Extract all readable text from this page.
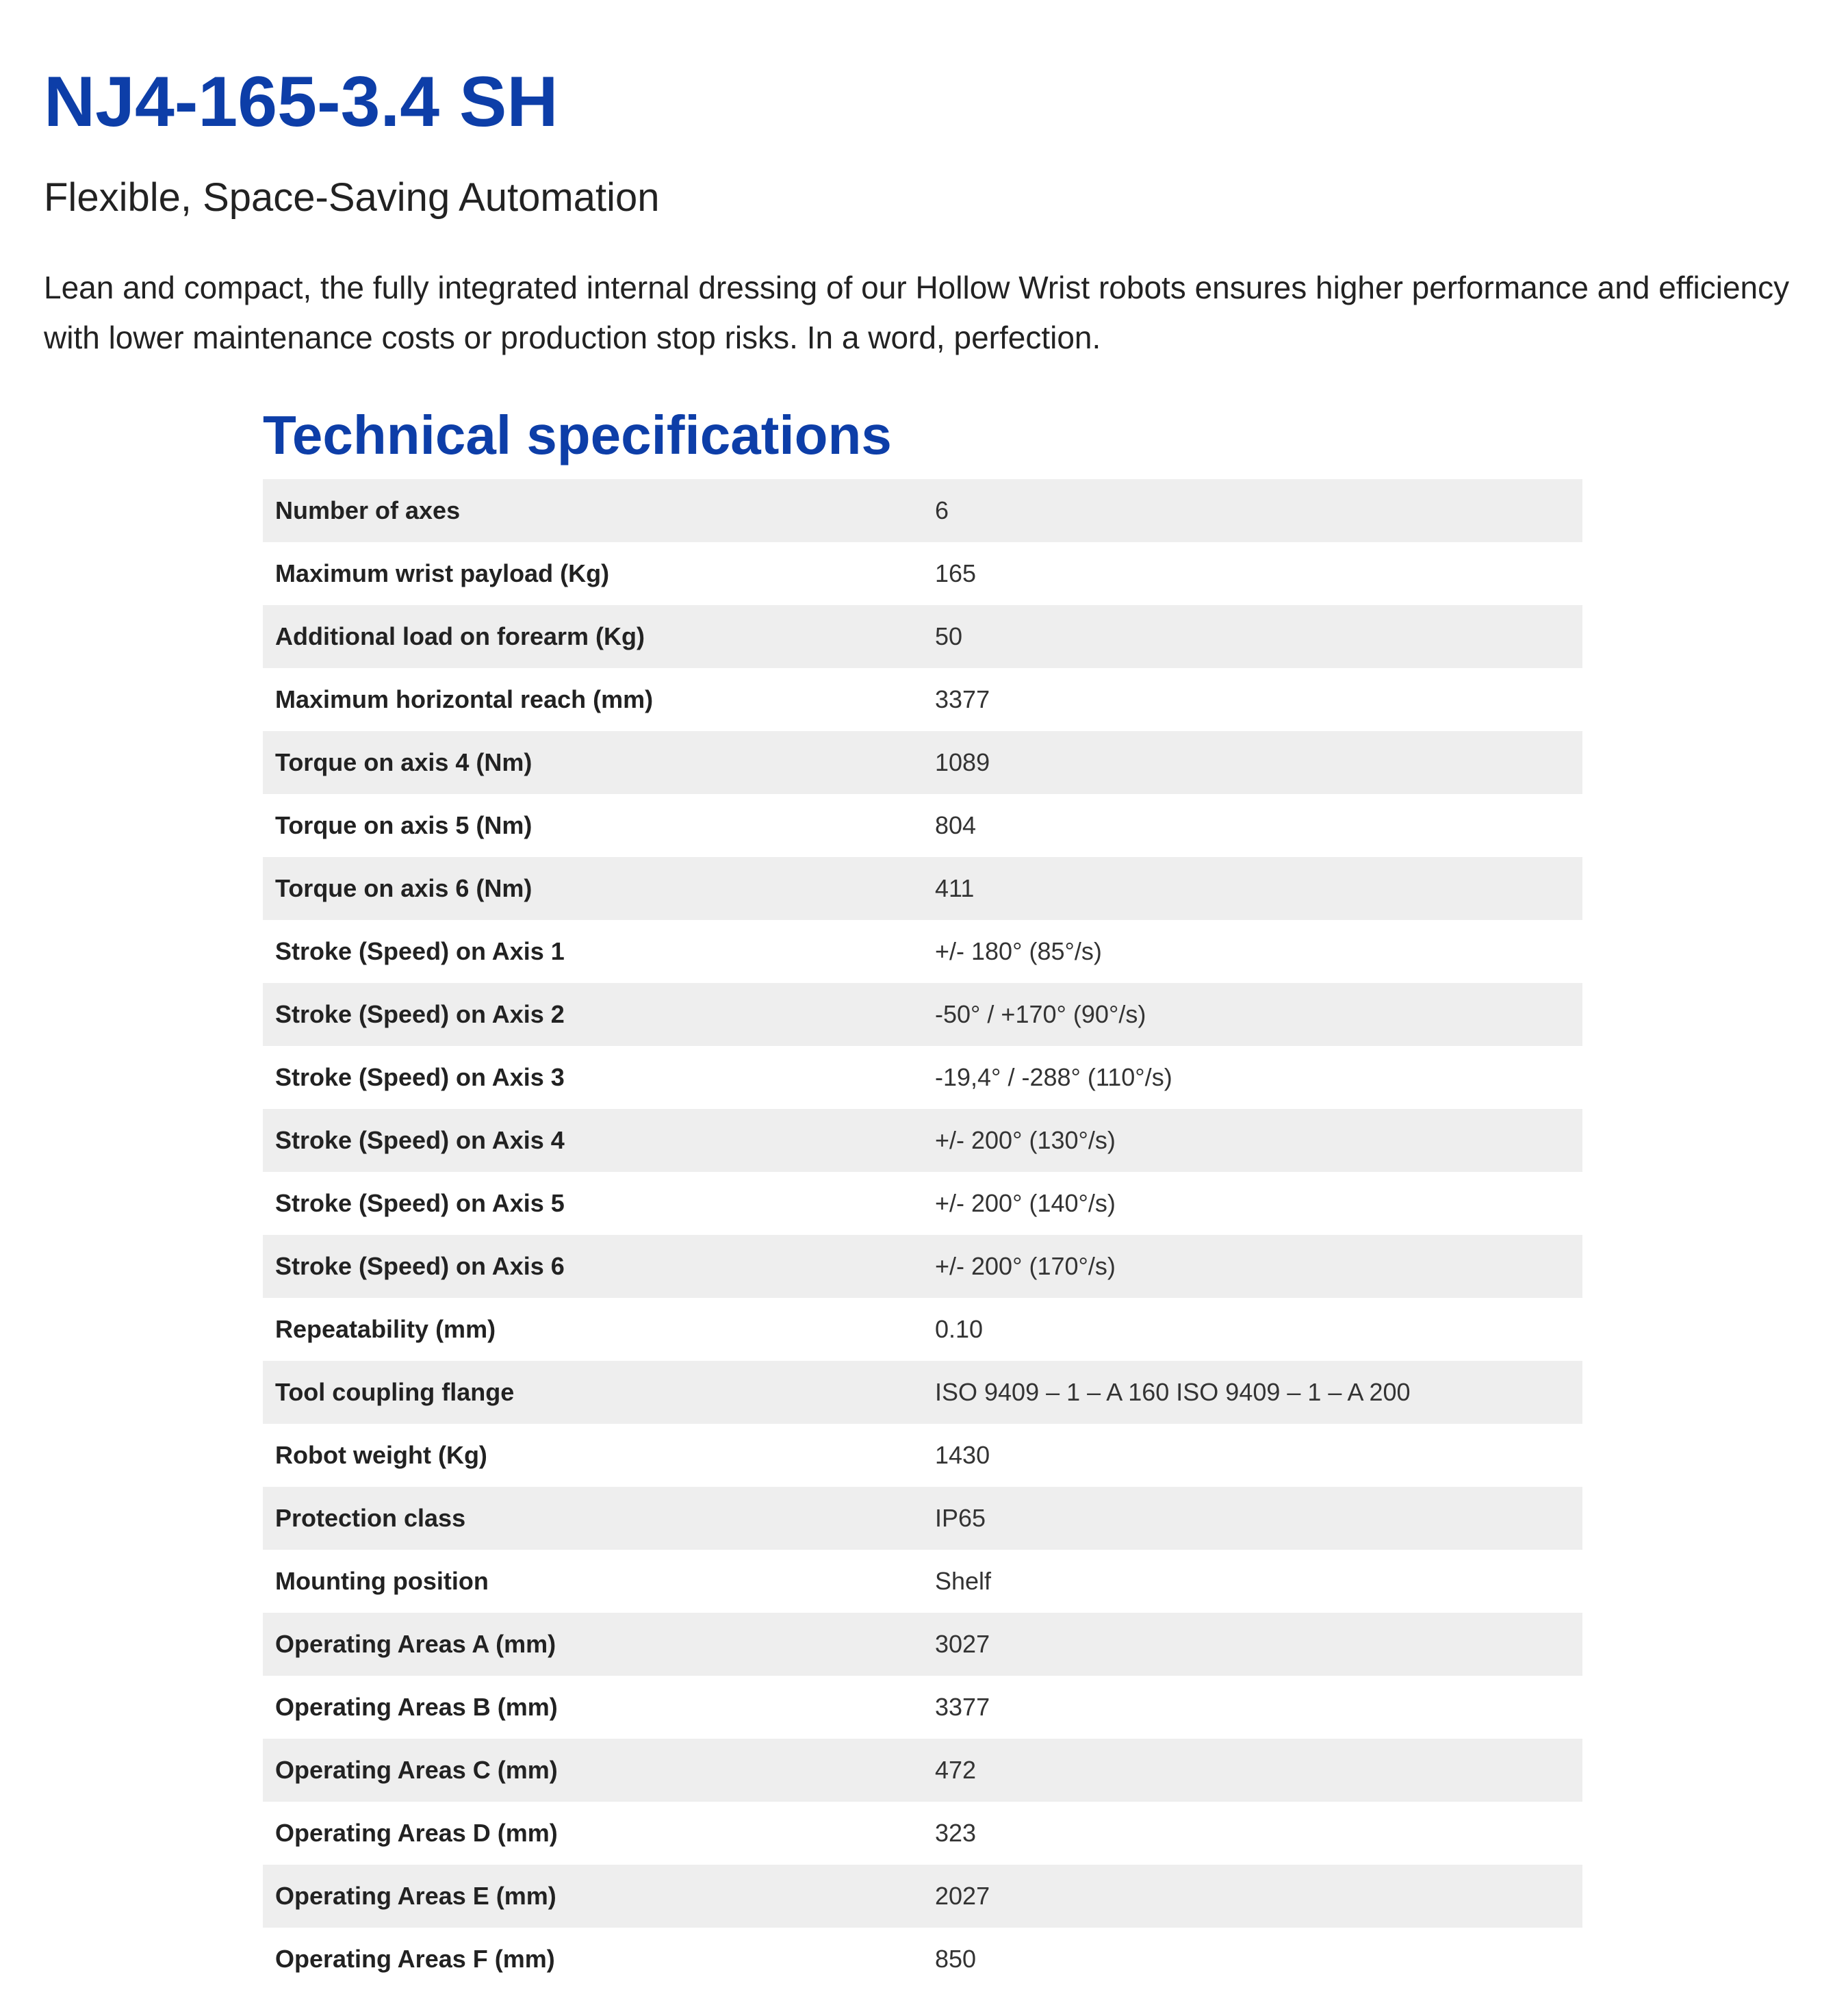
NJ4-165-3.4 SH

Flexible, Space-Saving Automation

Lean and compact, the fully integrated internal dressing of our Hollow Wrist robots ensures higher performance and efficiency with lower maintenance costs or production stop risks. In a word, perfection.

Technical specifications
Number of axes	6
Maximum wrist payload (Kg)	165
Additional load on forearm (Kg)	50
Maximum horizontal reach (mm)	3377
Torque on axis 4 (Nm)	1089
Torque on axis 5 (Nm)	804
Torque on axis 6 (Nm)	411
Stroke (Speed) on Axis 1	+/- 180° (85°/s)
Stroke (Speed) on Axis 2	-50° / +170° (90°/s)
Stroke (Speed) on Axis 3	-19,4° / -288° (110°/s)
Stroke (Speed) on Axis 4	+/- 200° (130°/s)
Stroke (Speed) on Axis 5	+/- 200° (140°/s)
Stroke (Speed) on Axis 6	+/- 200° (170°/s)
Repeatability (mm)	0.10
Tool coupling flange	ISO 9409 – 1 – A 160 ISO 9409 – 1 – A 200
Robot weight (Kg)	1430
Protection class	IP65
Mounting position	Shelf
Operating Areas A (mm)	3027
Operating Areas B (mm)	3377
Operating Areas C (mm)	472
Operating Areas D (mm)	323
Operating Areas E (mm)	2027
Operating Areas F (mm)	850
